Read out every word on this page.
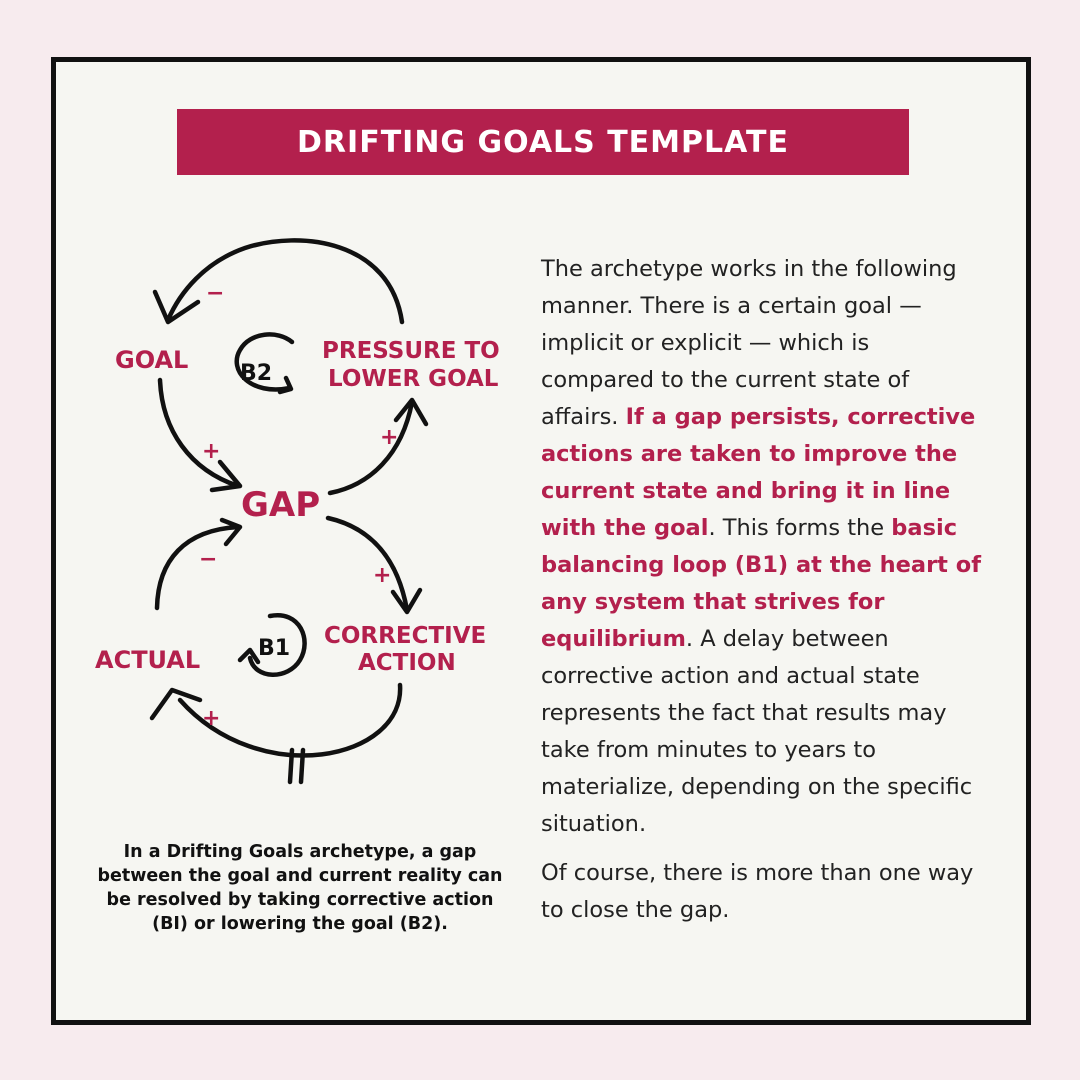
DRIFTING GOALS TEMPLATE
GOAL	PRESSURE TO
LOWER GOAL
GAP
CORRECTIVE
ACTION
ACTUAL
B2
B1
−
+
+
−
+
+
In a Drifting Goals archetype, a gap between the goal and current reality can be resolved by taking corrective action (BI) or lowering the goal (B2).

The archetype works in the following manner. There is a certain goal — implicit or explicit — which is compared to the current state of affairs. If a gap persists, corrective actions are taken to improve the current state and bring it in line with the goal. This forms the basic balancing loop (B1) at the heart of any system that strives for equilibrium. A delay between corrective action and actual state represents the fact that results may take from minutes to years to materialize, depending on the specific situation.

Of course, there is more than one way to close the gap.
